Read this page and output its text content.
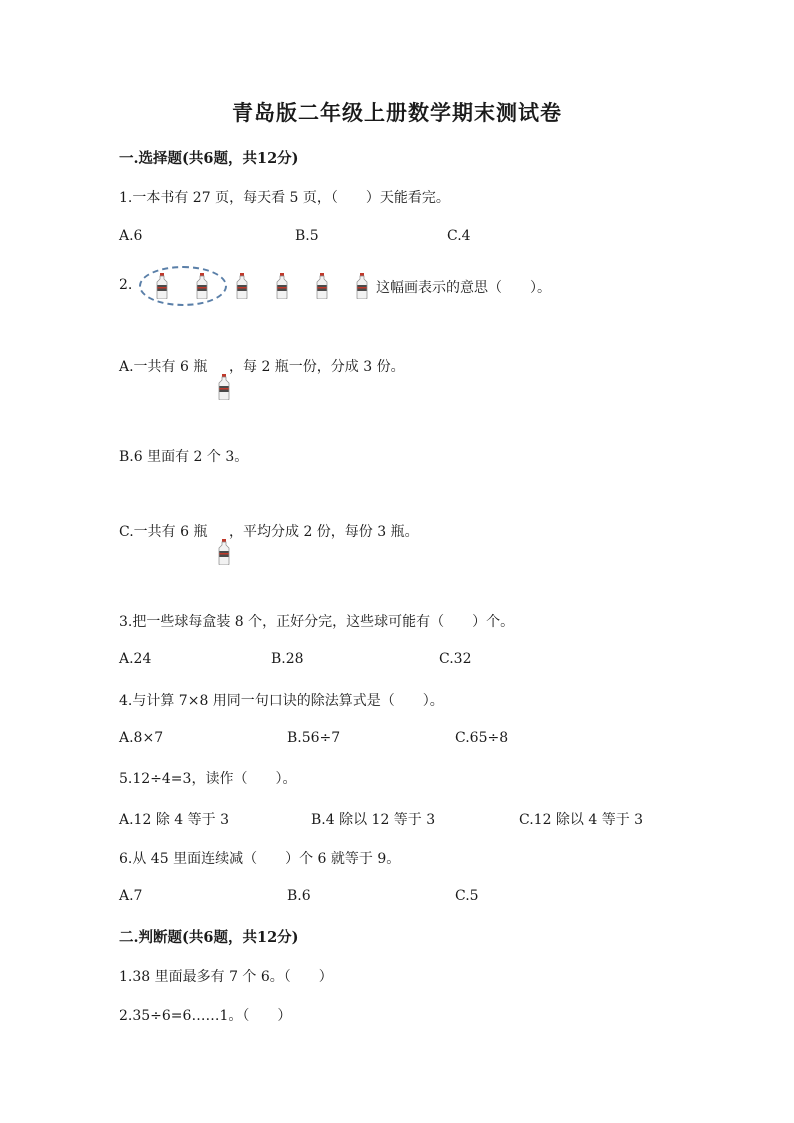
青岛版二年级上册数学期末测试卷
一.选择题(共6题，共12分)
1.一本书有 27 页，每天看 5 页，（　　）天能看完。
A.6	B.5	C.4
2.	这幅画表示的意思（　　）。
A.一共有 6 瓶 ，每 2 瓶一份，分成 3 份。
B.6 里面有 2 个 3。
C.一共有 6 瓶 ，平均分成 2 份，每份 3 瓶。
3.把一些球每盒装 8 个，正好分完，这些球可能有（　　）个。
A.24	B.28	C.32
4.与计算 7×8 用同一句口诀的除法算式是（　　）。
A.8×7	B.56÷7	C.65÷8
5.12÷4=3，读作（　　）。
A.12 除 4 等于 3	B.4 除以 12 等于 3	C.12 除以 4 等于 3
6.从 45 里面连续减（　　）个 6 就等于 9。
A.7	B.6	C.5
二.判断题(共6题，共12分)
1.38 里面最多有 7 个 6。（　　）
2.35÷6=6……1。（　　）
